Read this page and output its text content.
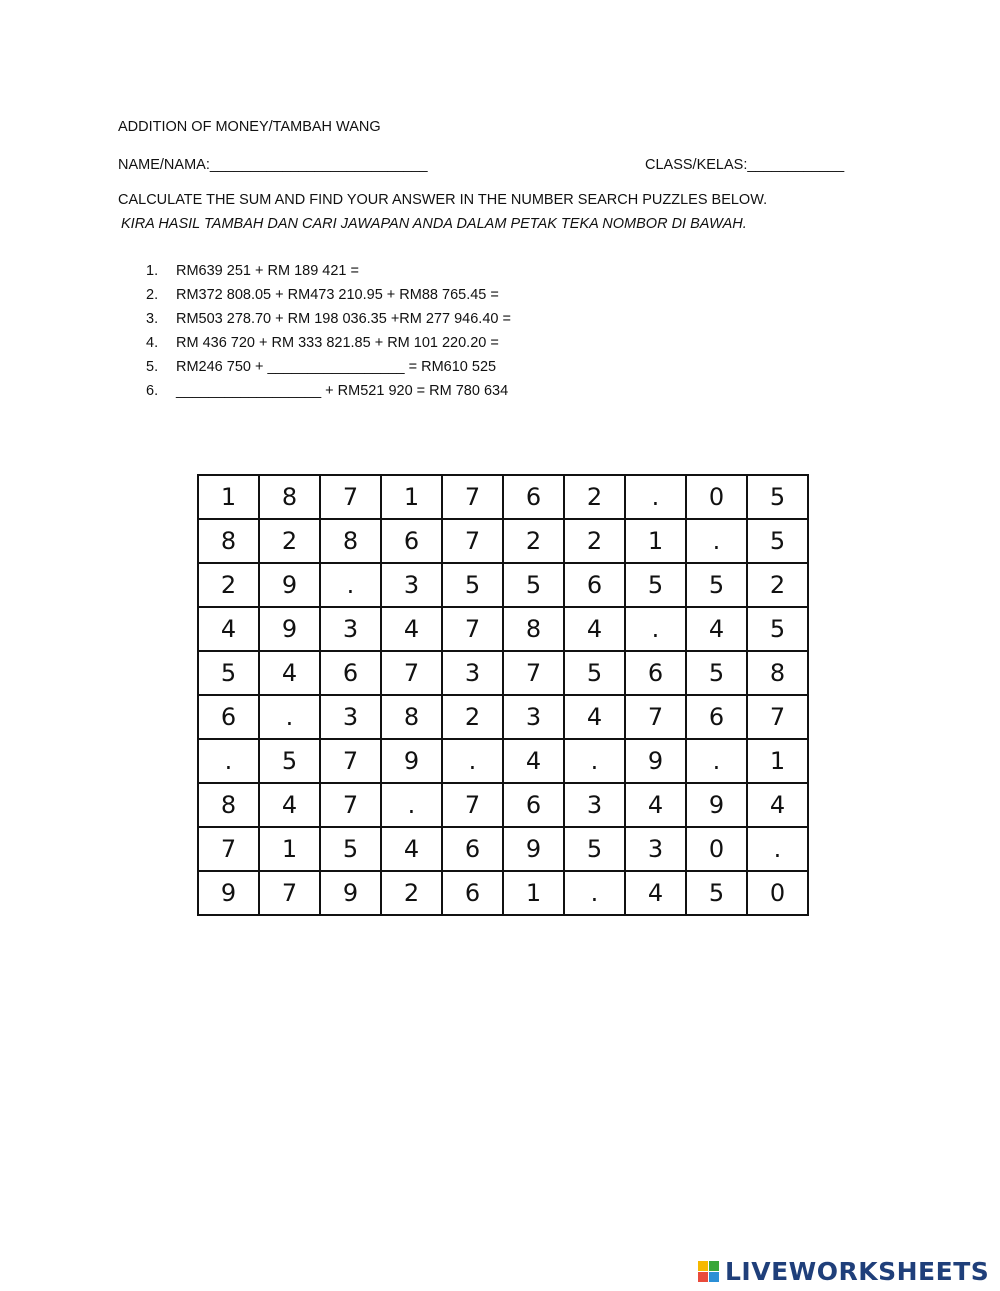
ADDITION OF MONEY/TAMBAH WANG
NAME/NAMA:___________________________	CLASS/KELAS:____________
CALCULATE THE SUM AND FIND YOUR ANSWER IN THE NUMBER SEARCH PUZZLES BELOW.
KIRA HASIL TAMBAH DAN CARI JAWAPAN ANDA DALAM PETAK TEKA NOMBOR DI BAWAH.
1.	RM639 251 + RM 189 421 =
2.	RM372 808.05 + RM473 210.95 + RM88 765.45 =
3.	RM503 278.70 + RM 198 036.35 +RM 277 946.40 =
4.	RM 436 720 + RM 333 821.85 + RM 101 220.20 =
5.	RM246 750 + _________________ = RM610 525
6.	__________________ + RM521 920 = RM 780 634
1	8	7	1	7	6	2	.	0	5
8	2	8	6	7	2	2	1	.	5
2	9	.	3	5	5	6	5	5	2
4	9	3	4	7	8	4	.	4	5
5	4	6	7	3	7	5	6	5	8
6	.	3	8	2	3	4	7	6	7
.	5	7	9	.	4	.	9	.	1
8	4	7	.	7	6	3	4	9	4
7	1	5	4	6	9	5	3	0	.
9	7	9	2	6	1	.	4	5	0
LIVEWORKSHEETS
